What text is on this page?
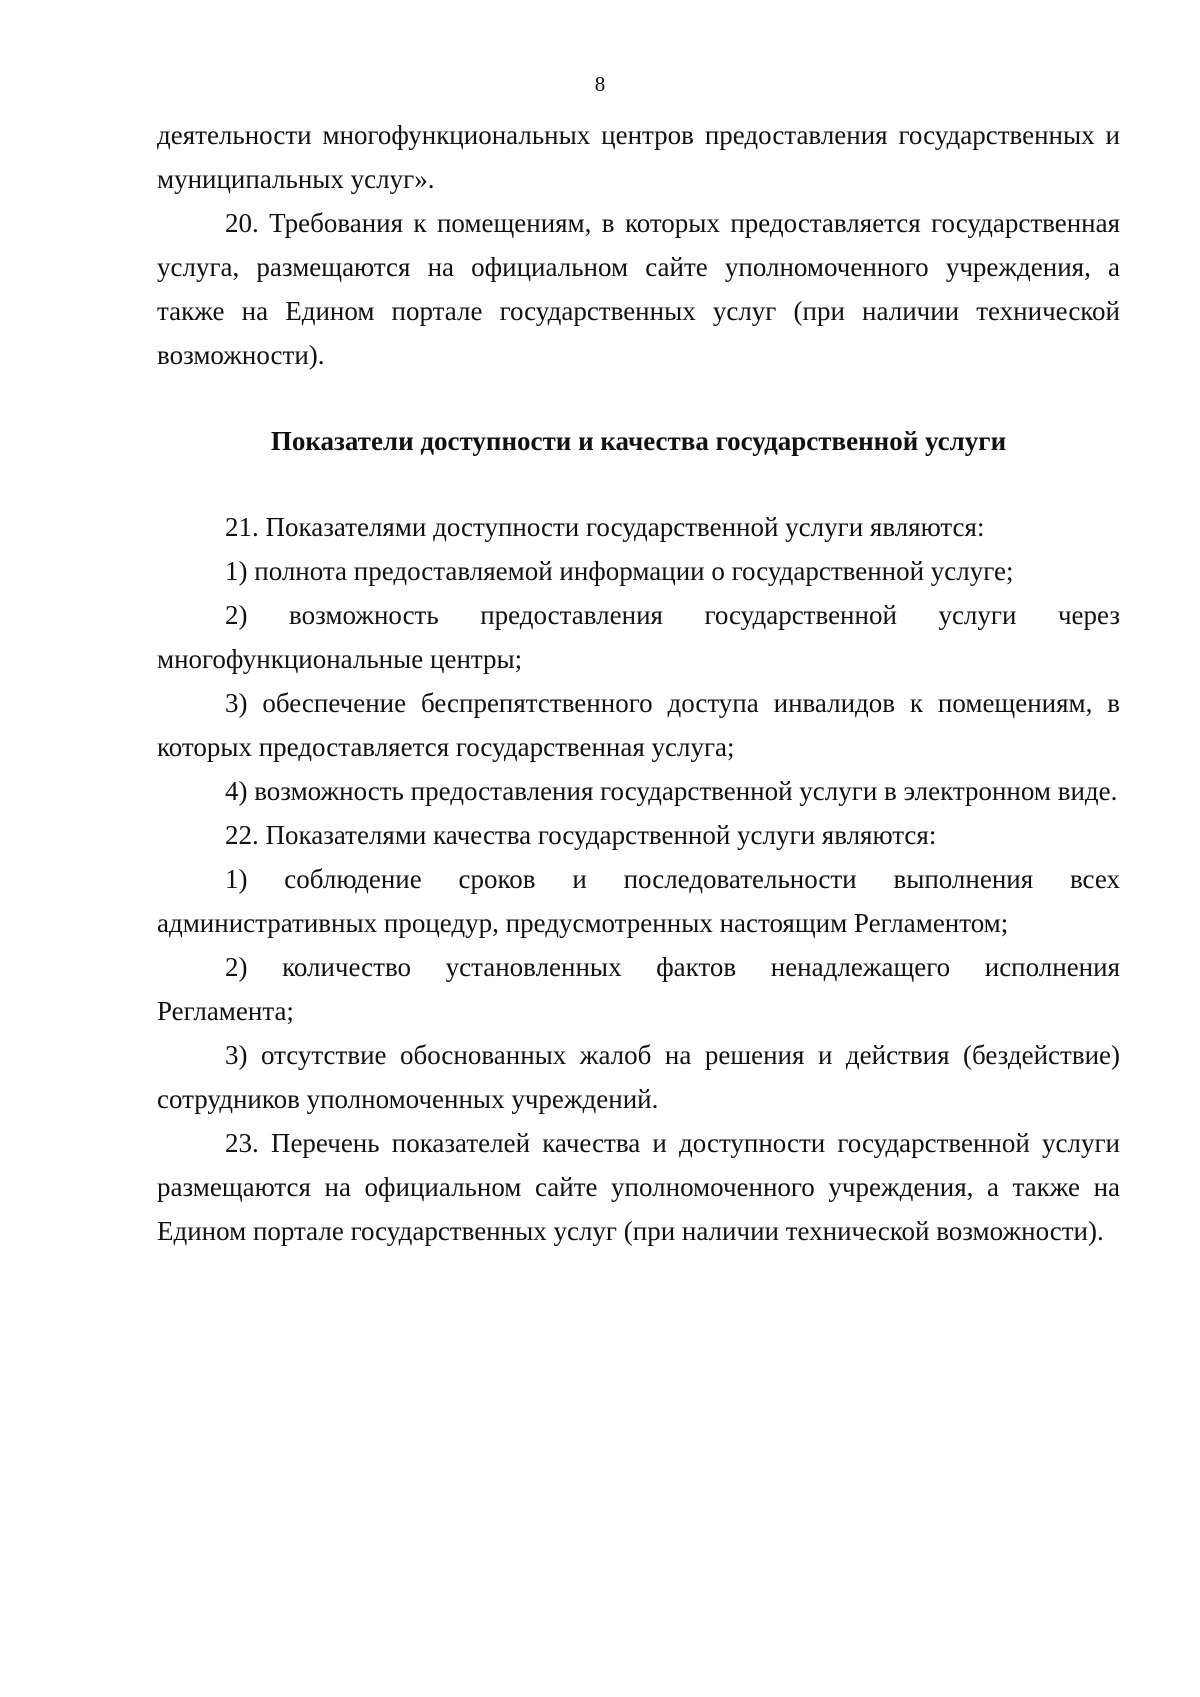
8

деятельности многофункциональных центров предоставления государственных и муниципальных услуг».

20. Требования к помещениям, в которых предоставляется государственная услуга, размещаются на официальном сайте уполномоченного учреждения, а также на Едином портале государственных услуг (при наличии технической возможности).

Показатели доступности и качества государственной услуги

21. Показателями доступности государственной услуги являются:

1) полнота предоставляемой информации о государственной услуге;

2) возможность предоставления государственной услуги через многофункциональные центры;

3) обеспечение беспрепятственного доступа инвалидов к помещениям, в которых предоставляется государственная услуга;

4) возможность предоставления государственной услуги в электронном виде.

22. Показателями качества государственной услуги являются:

1) соблюдение сроков и последовательности выполнения всех административных процедур, предусмотренных настоящим Регламентом;

2) количество установленных фактов ненадлежащего исполнения Регламента;

3) отсутствие обоснованных жалоб на решения и действия (бездействие) сотрудников уполномоченных учреждений.

23. Перечень показателей качества и доступности государственной услуги размещаются на официальном сайте уполномоченного учреждения, а также на Едином портале государственных услуг (при наличии технической возможности).
